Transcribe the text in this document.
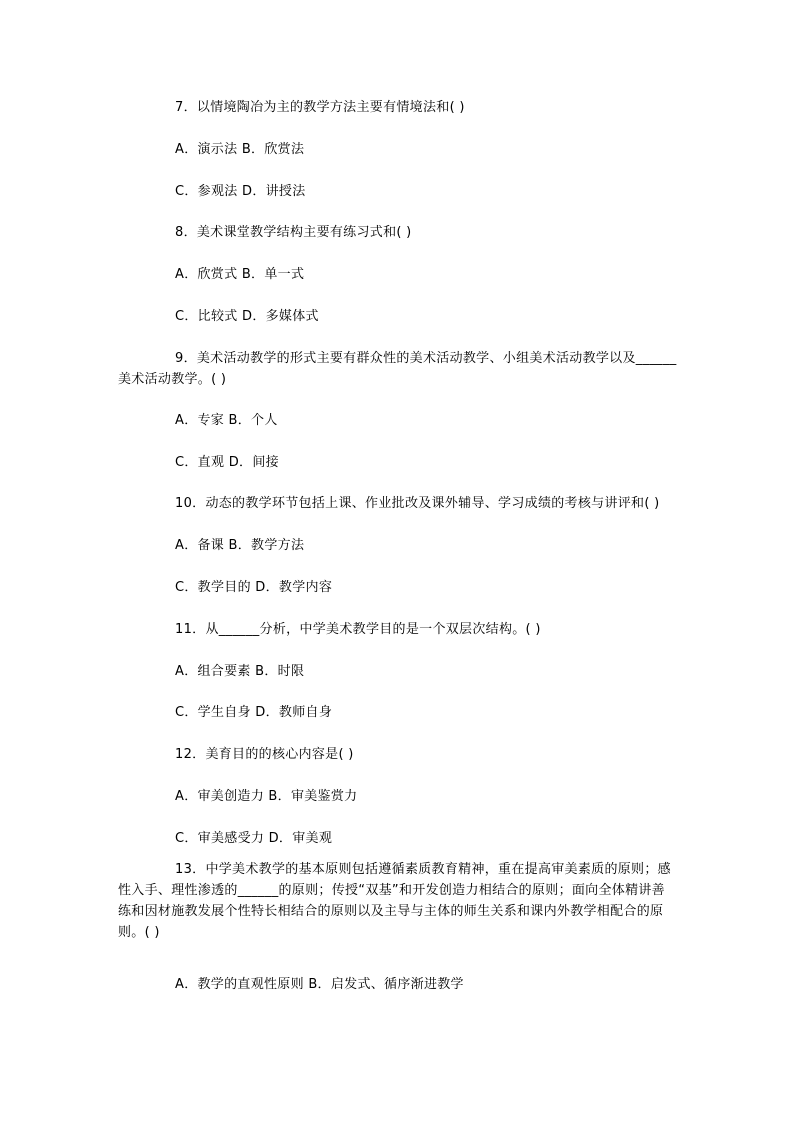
7．以情境陶冶为主的教学方法主要有情境法和( )
A．演示法 B．欣赏法
C．参观法 D．讲授法
8．美术课堂教学结构主要有练习式和( )
A．欣赏式 B．单一式
C．比较式 D．多媒体式
9．美术活动教学的形式主要有群众性的美术活动教学、小组美术活动教学以及______美术活动教学。( )
A．专家 B．个人
C．直观 D．间接
10．动态的教学环节包括上课、作业批改及课外辅导、学习成绩的考核与讲评和( )
A．备课 B．教学方法
C．教学目的 D．教学内容
11．从______分析，中学美术教学目的是一个双层次结构。( )
A．组合要素 B．时限
C．学生自身 D．教师自身
12．美育目的的核心内容是( )
A．审美创造力 B．审美鉴赏力
C．审美感受力 D．审美观
13．中学美术教学的基本原则包括遵循素质教育精神，重在提高审美素质的原则；感性入手、理性渗透的______的原则；传授“双基”和开发创造力相结合的原则；面向全体精讲善练和因材施教发展个性特长相结合的原则以及主导与主体的师生关系和课内外教学相配合的原则。( )
A．教学的直观性原则 B．启发式、循序渐进教学
